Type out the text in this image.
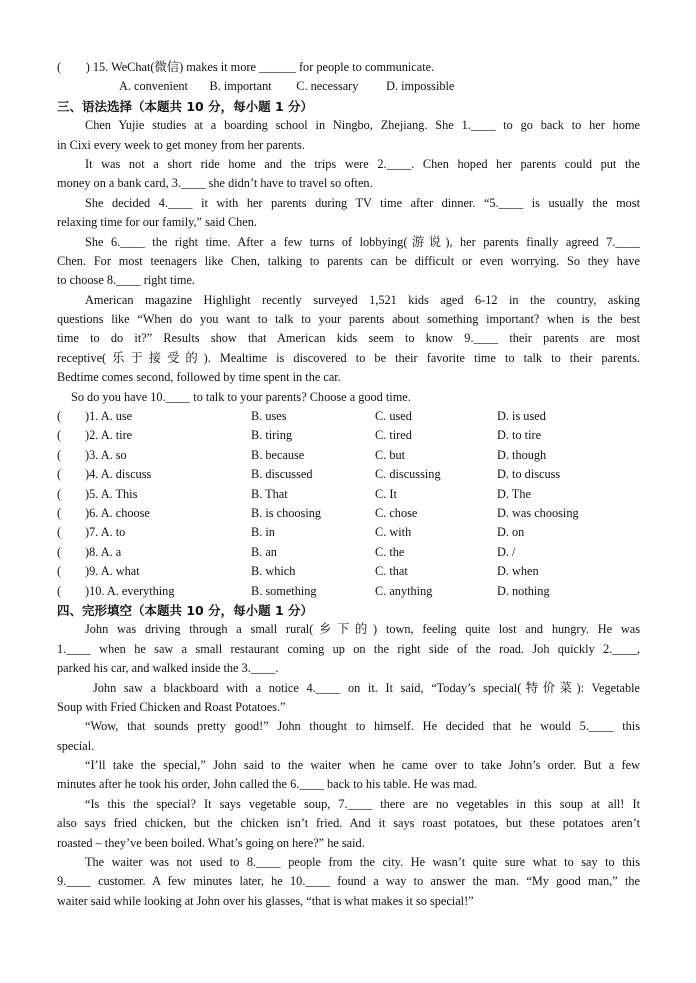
(        ) 15. WeChat(微信) makes it more ______ for people to communicate.
A. convenient       B. important        C. necessary         D. impossible
三、语法选择（本题共 10 分，每小题 1 分）
Chen Yujie studies at a boarding school in Ningbo, Zhejiang. She 1.____ to go back to her home
in Cixi every week to get money from her parents.
It was not a short ride home and the trips were 2.____. Chen hoped her parents could put the
money on a bank card, 3.____ she didn’t have to travel so often.
She decided 4.____ it with her parents during TV time after dinner. “5.____ is usually the most
relaxing time for our family,” said Chen.
She 6.____ the right time. After a few turns of lobbying(游说), her parents finally agreed 7.____
Chen. For most teenagers like Chen, talking to parents can be difficult or even worrying. So they have
to choose 8.____ right time.
American magazine Highlight recently surveyed 1,521 kids aged 6-12 in the country, asking
questions like “When do you want to talk to your parents about something important? when is the best
time to do it?” Results show that American kids seem to know 9.____ their parents are most
receptive(乐于接受的). Mealtime is discovered to be their favorite time to talk to their parents.
Bedtime comes second, followed by time spent in the car.
So do you have 10.____ to talk to your parents? Choose a good time.
(	)1. A. use	B. uses	C. used	D. is used
(	)2. A. tire	B. tiring	C. tired	D. to tire
(	)3. A. so	B. because	C. but	D. though
(	)4. A. discuss	B. discussed	C. discussing	D. to discuss
(	)5. A. This	B. That	C. It	D. The
(	)6. A. choose	B. is choosing	C. chose	D. was choosing
(	)7. A. to	B. in	C. with	D. on
(	)8. A. a	B. an	C. the	D. /
(	)9. A. what	B. which	C. that	D. when
(	)10. A. everything	B. something	C. anything	D. nothing
四、完形填空（本题共 10 分，每小题 1 分）
John was driving through a small rural(乡下的) town, feeling quite lost and hungry. He was
1.____ when he saw a small restaurant coming up on the right side of the road. Joh quickly 2.____,
parked his car, and walked inside the 3.____.
John saw a blackboard with a notice 4.____ on it. It said, “Today’s special(特价菜): Vegetable
Soup with Fried Chicken and Roast Potatoes.”
“Wow, that sounds pretty good!” John thought to himself. He decided that he would 5.____ this
special.
“I’ll take the special,” John said to the waiter when he came over to take John’s order. But a few
minutes after he took his order, John called the 6.____ back to his table. He was mad.
“Is this the special? It says vegetable soup, 7.____ there are no vegetables in this soup at all! It
also says fried chicken, but the chicken isn’t fried. And it says roast potatoes, but these potatoes aren’t
roasted – they’ve been boiled. What’s going on here?” he said.
The waiter was not used to 8.____ people from the city. He wasn’t quite sure what to say to this
9.____ customer. A few minutes later, he 10.____ found a way to answer the man. “My good man,” the
waiter said while looking at John over his glasses, “that is what makes it so special!”
